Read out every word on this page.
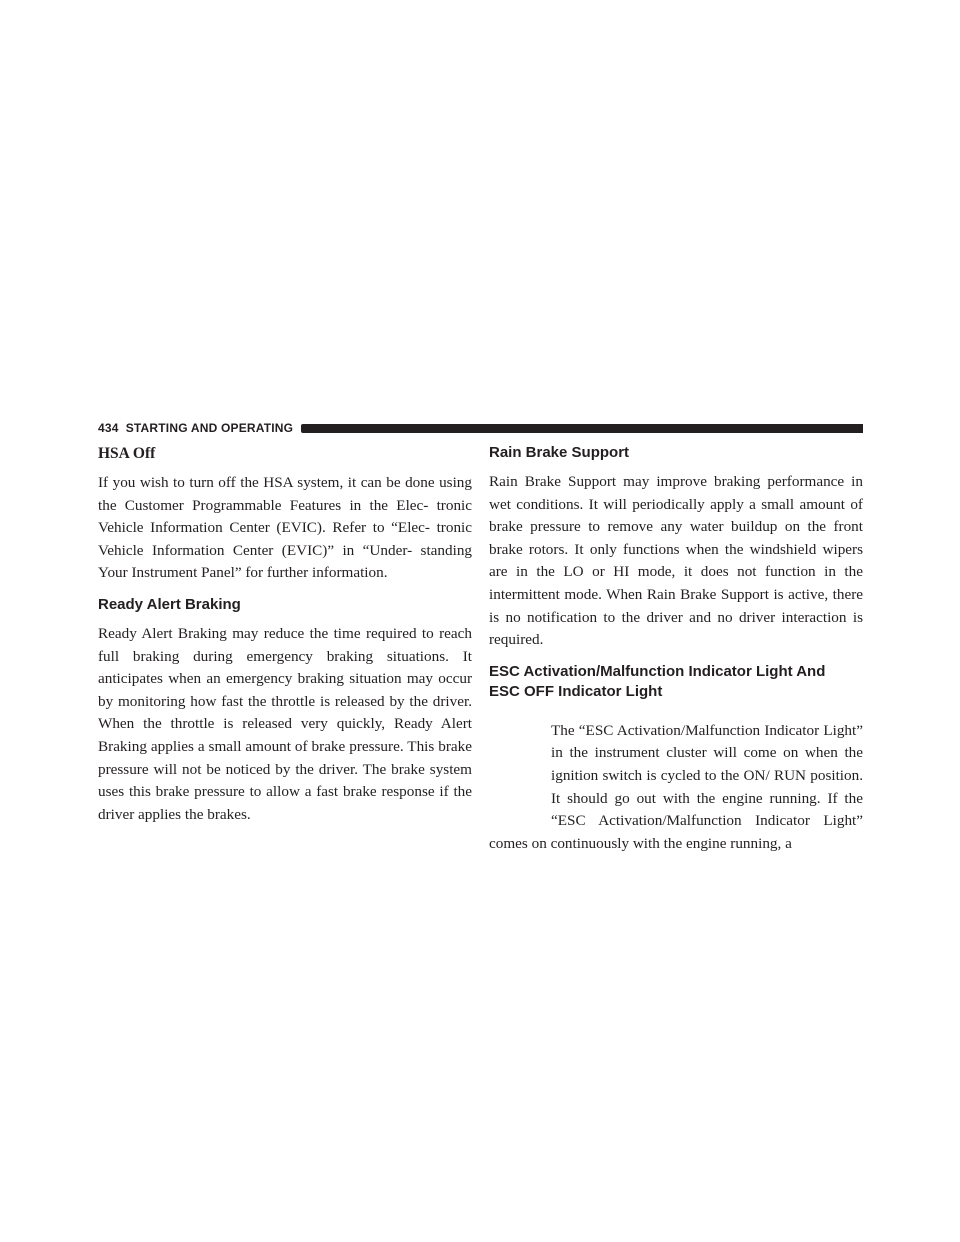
434 STARTING AND OPERATING
HSA Off

If you wish to turn off the HSA system, it can be done using the Customer Programmable Features in the Elec- tronic Vehicle Information Center (EVIC). Refer to “Elec- tronic Vehicle Information Center (EVIC)” in “Under- standing Your Instrument Panel” for further information.

Ready Alert Braking

Ready Alert Braking may reduce the time required to reach full braking during emergency braking situations. It anticipates when an emergency braking situation may occur by monitoring how fast the throttle is released by the driver. When the throttle is released very quickly, Ready Alert Braking applies a small amount of brake pressure. This brake pressure will not be noticed by the driver. The brake system uses this brake pressure to allow a fast brake response if the driver applies the brakes.

Rain Brake Support

Rain Brake Support may improve braking performance in wet conditions. It will periodically apply a small amount of brake pressure to remove any water buildup on the front brake rotors. It only functions when the windshield wipers are in the LO or HI mode, it does not function in the intermittent mode. When Rain Brake Support is active, there is no notification to the driver and no driver interaction is required.

ESC Activation/Malfunction Indicator Light And
ESC OFF Indicator Light

The “ESC Activation/Malfunction Indicator Light” in the instrument cluster will come on when the ignition switch is cycled to the ON/ RUN position. It should go out with the engine running. If the “ESC Activation/Malfunction Indicator Light” comes on continuously with the engine running, a
